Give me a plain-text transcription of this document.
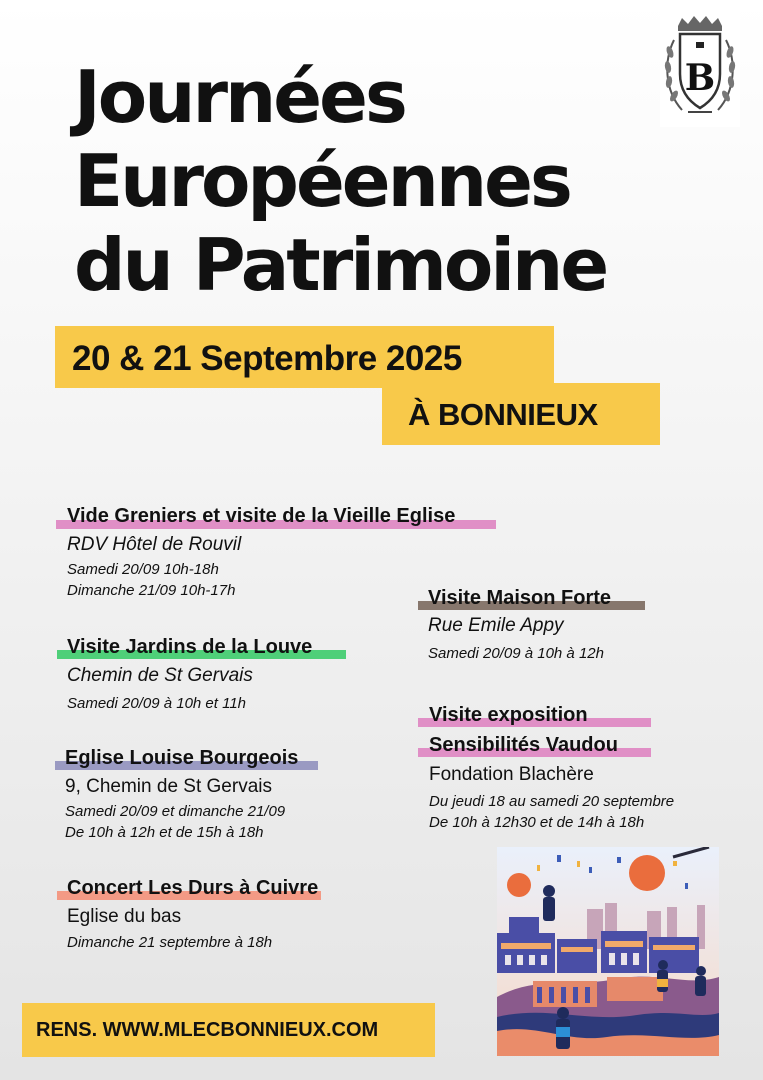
Journées
Européennes
du Patrimoine
B
20 & 21 Septembre 2025
À BONNIEUX
Vide Greniers et visite de la Vieille Eglise
RDV Hôtel de Rouvil
Samedi 20/09 10h-18h
Dimanche 21/09 10h-17h
Visite Jardins de la Louve
Chemin de St Gervais
Samedi 20/09 à 10h et 11h
Eglise Louise Bourgeois
9, Chemin de St Gervais
Samedi 20/09 et dimanche 21/09
De 10h à 12h et de 15h à 18h
Concert Les Durs à Cuivre
Eglise du bas
Dimanche 21 septembre à 18h
Visite Maison Forte
Rue Emile Appy
Samedi 20/09 à 10h à 12h
Visite exposition
Sensibilités Vaudou
Fondation Blachère
Du jeudi 18 au samedi 20 septembre
De 10h à 12h30 et de 14h à 18h
RENS. WWW.MLECBONNIEUX.COM
